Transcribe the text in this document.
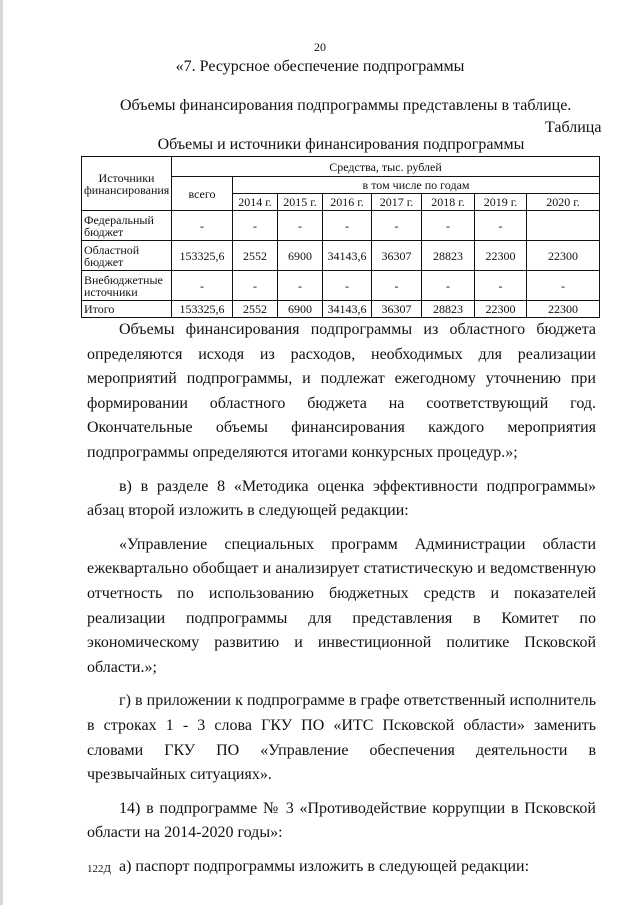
20
«7. Ресурсное обеспечение подпрограммы
Объемы финансирования подпрограммы представлены в таблице.
Таблица
Объемы и источники финансирования подпрограммы
Источники финансирования	Средства, тыс. рублей							
	всего	в том числе по годам						
		2014 г.	2015 г.	2016 г.	2017 г.	2018 г.	2019 г.	2020 г.
Федеральный бюджет	-	-	-	-	-	-	-	
Областной бюджет	153325,6	2552	6900	34143,6	36307	28823	22300	22300
Внебюджетные источники	-	-	-	-	-	-	-	-
Итого	153325,6	2552	6900	34143,6	36307	28823	22300	22300

Объемы финансирования подпрограммы из областного бюджета определяются исходя из расходов, необходимых для реализации мероприятий подпрограммы, и подлежат ежегодному уточнению при формировании областного бюджета на соответствующий год. Окончательные объемы финансирования каждого мероприятия подпрограммы определяются итогами конкурсных процедур.»;

в) в разделе 8 «Методика оценка эффективности подпрограммы» абзац второй изложить в следующей редакции:

«Управление специальных программ Администрации области ежеквартально обобщает и анализирует статистическую и ведомственную отчетность по использованию бюджетных средств и показателей реализации подпрограммы для представления в Комитет по экономическому развитию и инвестиционной политике Псковской области.»;

г) в приложении к подпрограмме в графе ответственный исполнитель в строках 1 - 3 слова ГКУ ПО «ИТС Псковской области» заменить словами ГКУ ПО «Управление обеспечения деятельности в чрезвычайных ситуациях».

14) в подпрограмме № 3 «Противодействие коррупции в Псковской области на 2014-2020 годы»:

а) паспорт подпрограммы изложить в следующей редакции:

122Д
